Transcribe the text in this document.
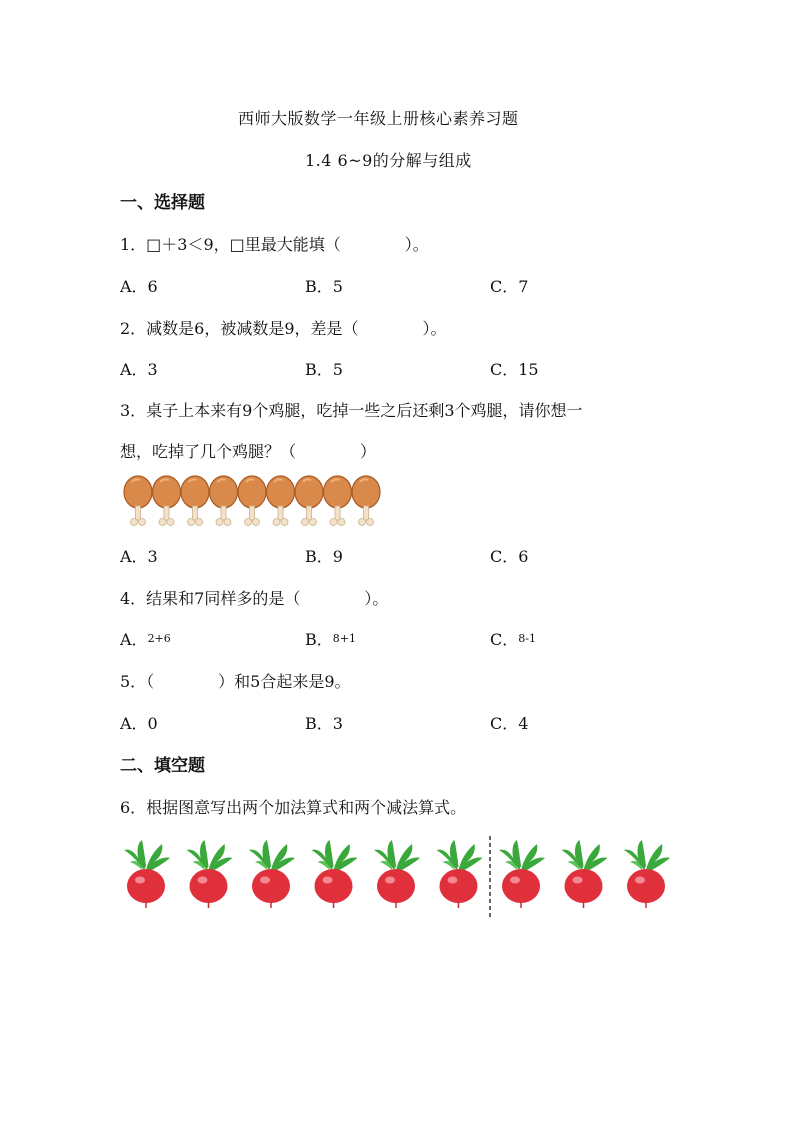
西师大版数学一年级上册核心素养习题
1.4 6~9的分解与组成
一、选择题
1．□＋3＜9，□里最大能填（　　　　）。
A．6	B．5	C．7
2．减数是6，被减数是9，差是（　　　　）。
A．3	B．5	C．15
3．桌子上本来有9个鸡腿，吃掉一些之后还剩3个鸡腿，请你想一
想，吃掉了几个鸡腿？（　　　　）
A．3	B．9	C．6
4．结果和7同样多的是（　　　　）。
A．2+6	B．8+1	C．8-1
5．（　　　　）和5合起来是9。
A．0	B．3	C．4
二、填空题
6．根据图意写出两个加法算式和两个减法算式。
